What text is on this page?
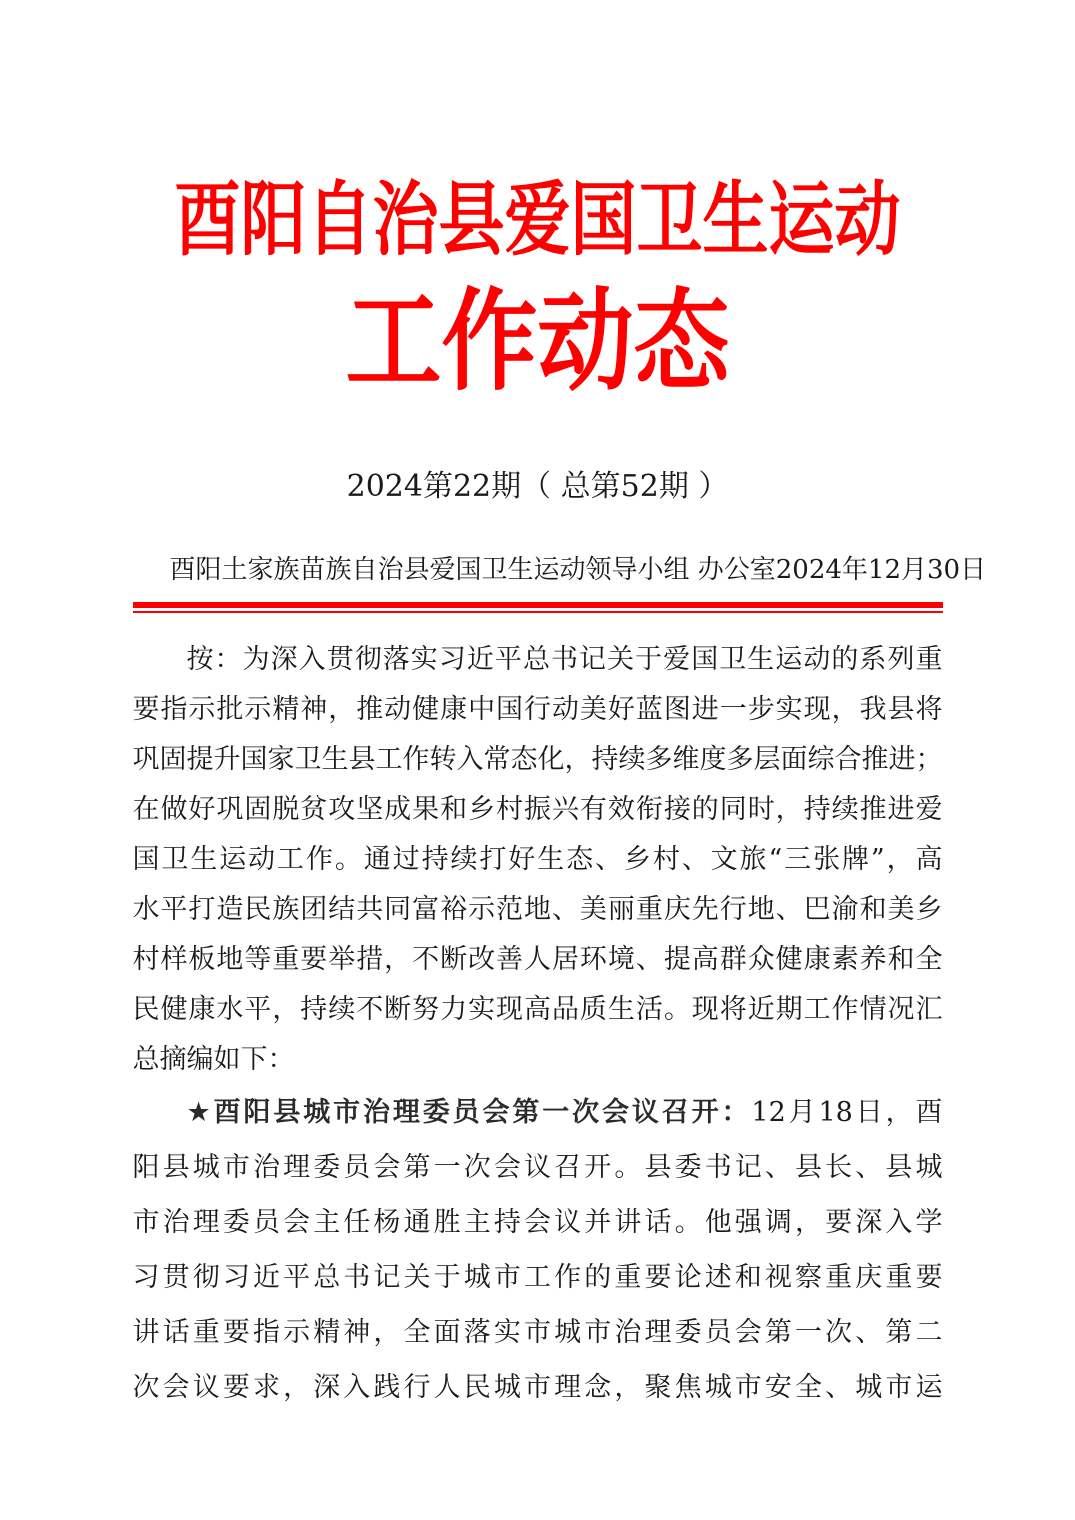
酉阳自治县爱国卫生运动
工作动态
2024第22期（ 总第52期 ）
酉阳土家族苗族自治县爱国卫生运动领导小组 办公室 2024年12月30日
按：为深入贯彻落实习近平总书记关于爱国卫生运动的系列重
要指示批示精神，推动健康中国行动美好蓝图进一步实现，我县将
巩固提升国家卫生县工作转入常态化，持续多维度多层面综合推进；
在做好巩固脱贫攻坚成果和乡村振兴有效衔接的同时，持续推进爱
国卫生运动工作。通过持续打好生态、乡村、文旅“三张牌”，高
水平打造民族团结共同富裕示范地、美丽重庆先行地、巴渝和美乡
村样板地等重要举措，不断改善人居环境、提高群众健康素养和全
民健康水平，持续不断努力实现高品质生活。现将近期工作情况汇
总摘编如下：
★酉阳县城市治理委员会第一次会议召开：12月18日，酉
阳县城市治理委员会第一次会议召开。县委书记、县长、县城
市治理委员会主任杨通胜主持会议并讲话。他强调，要深入学
习贯彻习近平总书记关于城市工作的重要论述和视察重庆重要
讲话重要指示精神，全面落实市城市治理委员会第一次、第二
次会议要求，深入践行人民城市理念，聚焦城市安全、城市运
